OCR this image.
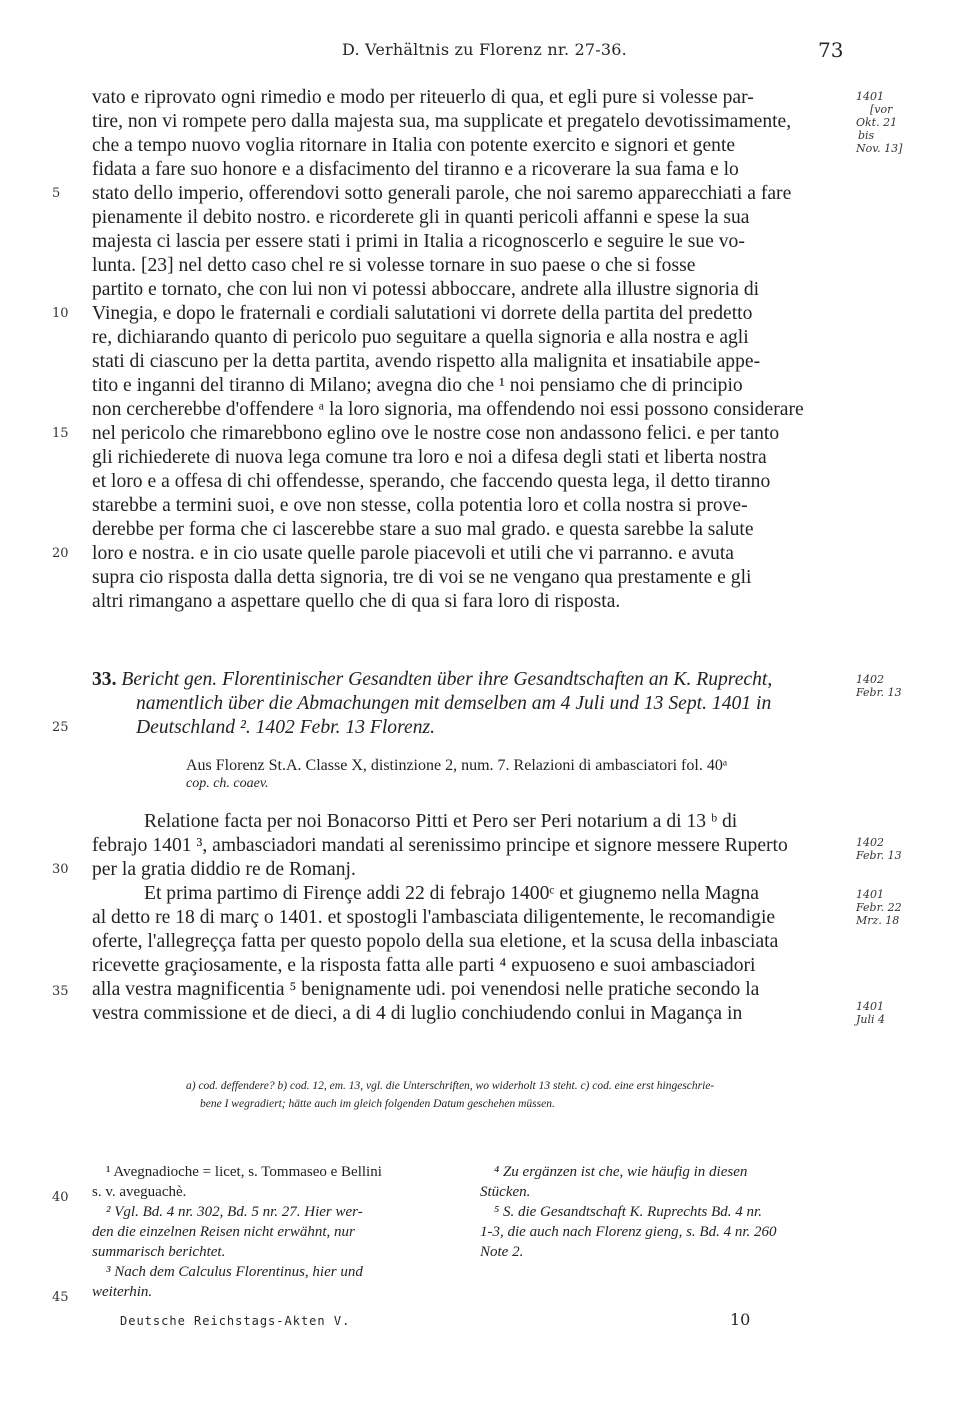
D. Verhältnis zu Florenz nr. 27-36.	73
1401
[vor
Okt. 21
bis
Nov. 13]
vato e riprovato ogni rimedio e modo per riteuerlo di qua, et egli pure si volesse par-
tire, non vi rompete pero dalla majesta sua, ma supplicate et pregatelo devotissimamente,
che a tempo nuovo voglia ritornare in Italia con potente exercito e signori et gente
fidata a fare suo honore e a disfacimento del tiranno e a ricoverare la sua fama e lo
stato dello imperio, offerendovi sotto generali parole, che noi saremo apparecchiati a fare
pienamente il debito nostro. e ricorderete gli in quanti pericoli affanni e spese la sua
majesta ci lascia per essere stati i primi in Italia a ricognoscerlo e seguire le sue vo-
lunta. [23] nel detto caso chel re si volesse tornare in suo paese o che si fosse
partito e tornato, che con lui non vi potessi abboccare, andrete alla illustre signoria di
Vinegia, e dopo le fraternali e cordiali salutationi vi dorrete della partita del predetto
re, dichiarando quanto di pericolo puo seguitare a quella signoria e alla nostra e agli
stati di ciascuno per la detta partita, avendo rispetto alla malignita et insatiabile appe-
tito e inganni del tiranno di Milano; avegna dio che ¹ noi pensiamo che di principio
non cercherebbe d'offendere ᵃ la loro signoria, ma offendendo noi essi possono considerare
nel pericolo che rimarebbono eglino ove le nostre cose non andassono felici. e per tanto
gli richiederete di nuova lega comune tra loro e noi a difesa degli stati et liberta nostra
et loro e a offesa di chi offendesse, sperando, che faccendo questa lega, il detto tiranno
starebbe a termini suoi, e ove non stesse, colla potentia loro et colla nostra si prove-
derebbe per forma che ci lascerebbe stare a suo mal grado. e questa sarebbe la salute
loro e nostra. e in cio usate quelle parole piacevoli et utili che vi parranno. e avuta
supra cio risposta dalla detta signoria, tre di voi se ne vengano qua prestamente e gli
altri rimangano a aspettare quello che di qua si fara loro di risposta.
5
10
15
20
25
30
35
40
45
33. Bericht gen. Florentinischer Gesandten über ihre Gesandtschaften an K. Ruprecht,
namentlich über die Abmachungen mit demselben am 4 Juli und 13 Sept. 1401 in
Deutschland ². 1402 Febr. 13 Florenz.
1402
Febr. 13
Aus Florenz St.A. Classe X, distinzione 2, num. 7. Relazioni di ambasciatori fol. 40ᵃ
cop. ch. coaev.
Relatione facta per noi Bonacorso Pitti et Pero ser Peri notarium a di 13 ᵇ di
febrajo 1401 ³, ambasciadori mandati al serenissimo principe et signore messere Ruperto
per la gratia diddio re de Romanj.
Et prima partimo di Firençe addi 22 di febrajo 1400ᶜ et giugnemo nella Magna
al detto re 18 di març o 1401. et spostogli l'ambasciata diligentemente, le recomandigie
oferte, l'allegreçça fatta per questo popolo della sua eletione, et la scusa della inbasciata
ricevette graçiosamente, e la risposta fatta alle parti ⁴ expuoseno e suoi ambasciadori
alla vestra magnificentia ⁵ benignamente udi. poi venendosi nelle pratiche secondo la
vestra commissione et de dieci, a di 4 di luglio conchiudendo conlui in Magança in
1402
Febr. 13
1401
Febr. 22
Mrz. 18
1401
Juli 4
a) cod. deffendere? b) cod. 12, em. 13, vgl. die Unterschriften, wo widerholt 13 steht. c) cod. eine erst hingeschrie-
bene I wegradiert; hätte auch im gleich folgenden Datum geschehen müssen.
¹ Avegnadioche = licet, s. Tommaseo e Bellini
s. v. aveguachè.
² Vgl. Bd. 4 nr. 302, Bd. 5 nr. 27. Hier wer-
den die einzelnen Reisen nicht erwähnt, nur
summarisch berichtet.
³ Nach dem Calculus Florentinus, hier und
weiterhin.
⁴ Zu ergänzen ist che, wie häufig in diesen
Stücken.
⁵ S. die Gesandtschaft K. Ruprechts Bd. 4 nr.
1-3, die auch nach Florenz gieng, s. Bd. 4 nr. 260
Note 2.
Deutsche Reichstags-Akten V.	10
